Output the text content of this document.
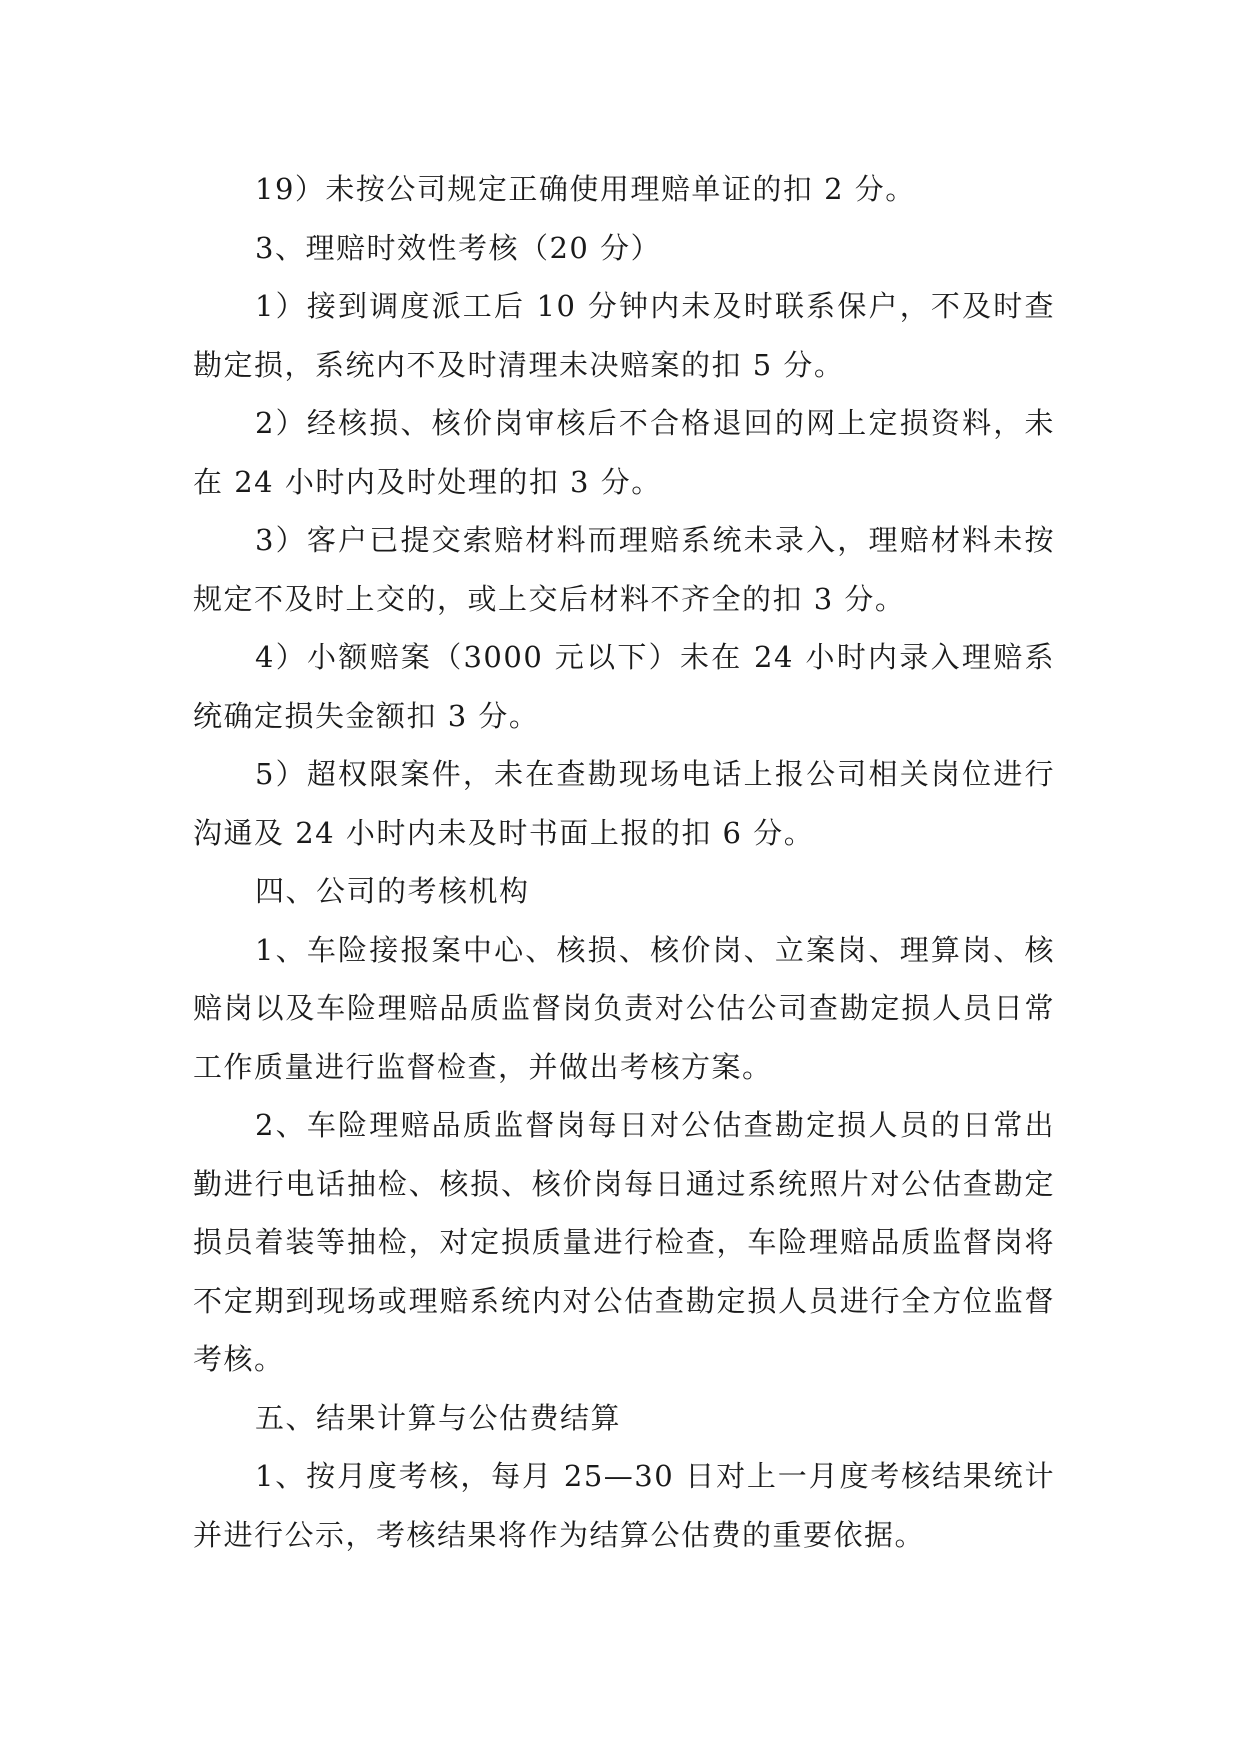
19）未按公司规定正确使用理赔单证的扣 2 分。

3、理赔时效性考核（20 分）

1）接到调度派工后 10 分钟内未及时联系保户，不及时查勘定损，系统内不及时清理未决赔案的扣 5 分。

2）经核损、核价岗审核后不合格退回的网上定损资料，未在 24 小时内及时处理的扣 3 分。

3）客户已提交索赔材料而理赔系统未录入，理赔材料未按规定不及时上交的，或上交后材料不齐全的扣 3 分。

4）小额赔案（3000 元以下）未在 24 小时内录入理赔系统确定损失金额扣 3 分。

5）超权限案件，未在查勘现场电话上报公司相关岗位进行沟通及 24 小时内未及时书面上报的扣 6 分。

四、公司的考核机构

1、车险接报案中心、核损、核价岗、立案岗、理算岗、核赔岗以及车险理赔品质监督岗负责对公估公司查勘定损人员日常工作质量进行监督检查，并做出考核方案。

2、车险理赔品质监督岗每日对公估查勘定损人员的日常出勤进行电话抽检、核损、核价岗每日通过系统照片对公估查勘定损员着装等抽检，对定损质量进行检查，车险理赔品质监督岗将不定期到现场或理赔系统内对公估查勘定损人员进行全方位监督考核。

五、结果计算与公估费结算

1、按月度考核，每月 25—30 日对上一月度考核结果统计并进行公示，考核结果将作为结算公估费的重要依据。
